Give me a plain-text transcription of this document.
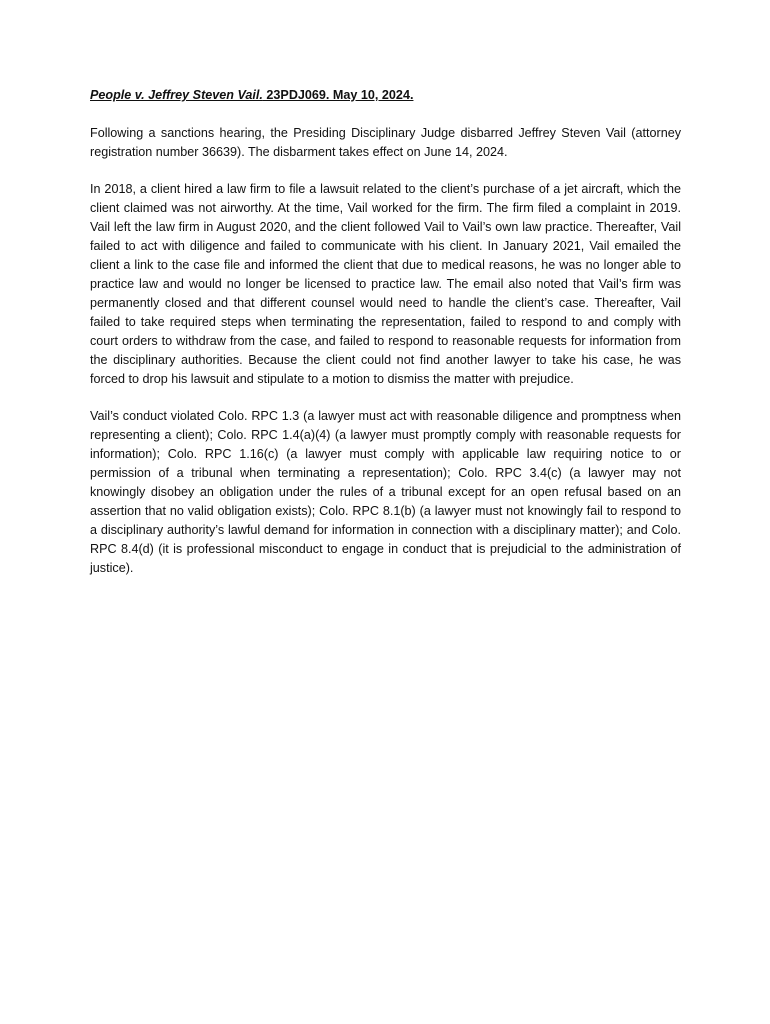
People v. Jeffrey Steven Vail. 23PDJ069. May 10, 2024.

Following a sanctions hearing, the Presiding Disciplinary Judge disbarred Jeffrey Steven Vail (attorney registration number 36639). The disbarment takes effect on June 14, 2024.

In 2018, a client hired a law firm to file a lawsuit related to the client’s purchase of a jet aircraft, which the client claimed was not airworthy. At the time, Vail worked for the firm. The firm filed a complaint in 2019. Vail left the law firm in August 2020, and the client followed Vail to Vail’s own law practice. Thereafter, Vail failed to act with diligence and failed to communicate with his client. In January 2021, Vail emailed the client a link to the case file and informed the client that due to medical reasons, he was no longer able to practice law and would no longer be licensed to practice law. The email also noted that Vail’s firm was permanently closed and that different counsel would need to handle the client’s case. Thereafter, Vail failed to take required steps when terminating the representation, failed to respond to and comply with court orders to withdraw from the case, and failed to respond to reasonable requests for information from the disciplinary authorities. Because the client could not find another lawyer to take his case, he was forced to drop his lawsuit and stipulate to a motion to dismiss the matter with prejudice.

Vail’s conduct violated Colo. RPC 1.3 (a lawyer must act with reasonable diligence and promptness when representing a client); Colo. RPC 1.4(a)(4) (a lawyer must promptly comply with reasonable requests for information); Colo. RPC 1.16(c) (a lawyer must comply with applicable law requiring notice to or permission of a tribunal when terminating a representation); Colo. RPC 3.4(c) (a lawyer may not knowingly disobey an obligation under the rules of a tribunal except for an open refusal based on an assertion that no valid obligation exists); Colo. RPC 8.1(b) (a lawyer must not knowingly fail to respond to a disciplinary authority’s lawful demand for information in connection with a disciplinary matter); and Colo. RPC 8.4(d) (it is professional misconduct to engage in conduct that is prejudicial to the administration of justice).
